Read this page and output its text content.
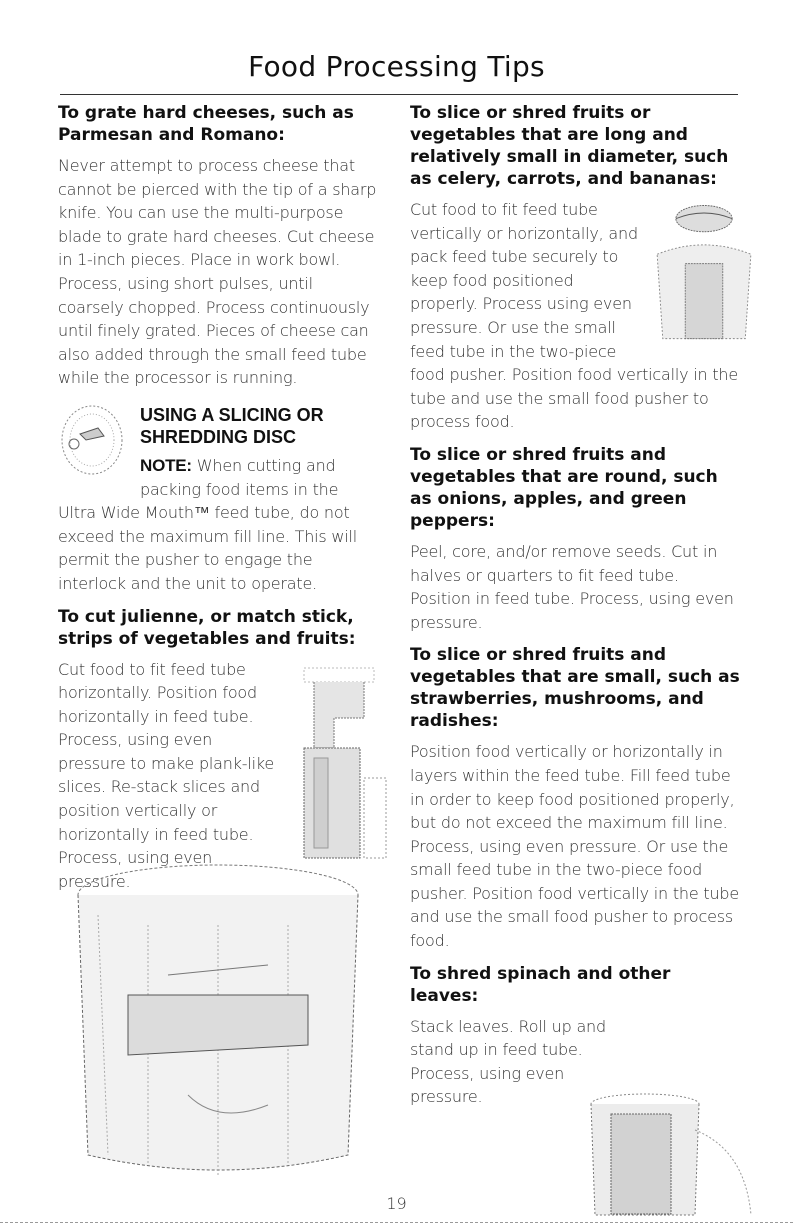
Food Processing Tips
To grate hard cheeses, such as Parmesan and Romano:

Never attempt to process cheese that cannot be pierced with the tip of a sharp knife. You can use the multi-purpose blade to grate hard cheeses. Cut cheese in 1-inch pieces. Place in work bowl. Process, using short pulses, until coarsely chopped. Process continuously until finely grated. Pieces of cheese can also added through the small feed tube while the processor is running.

USING A SLICING OR SHREDDING DISC

NOTE: When cutting and packing food items in the Ultra Wide Mouth™ feed tube, do not exceed the maximum fill line. This will permit the pusher to engage the interlock and the unit to operate.

To cut julienne, or match stick, strips of vegetables and fruits:

Cut food to fit feed tube horizontally. Position food horizontally in feed tube. Process, using even pressure to make plank-like slices. Re-stack slices and position vertically or horizontally in feed tube. Process, using even pressure.

To slice or shred fruits or vegetables that are long and relatively small in diameter, such as celery, carrots, and bananas:

Cut food to fit feed tube vertically or horizontally, and pack feed tube securely to keep food positioned properly. Process using even pressure. Or use the small feed tube in the two-piece food pusher. Position food vertically in the tube and use the small food pusher to process food.

To slice or shred fruits and vegetables that are round, such as onions, apples, and green peppers:

Peel, core, and/or remove seeds. Cut in halves or quarters to fit feed tube. Position in feed tube. Process, using even pressure.

To slice or shred fruits and vegetables that are small, such as strawberries, mushrooms, and radishes:

Position food vertically or horizontally in layers within the feed tube. Fill feed tube in order to keep food positioned properly, but do not exceed the maximum fill line. Process, using even pressure. Or use the small feed tube in the two-piece food pusher. Position food vertically in the tube and use the small food pusher to process food.

To shred spinach and other leaves:

Stack leaves. Roll up and stand up in feed tube. Process, using even pressure.

19
